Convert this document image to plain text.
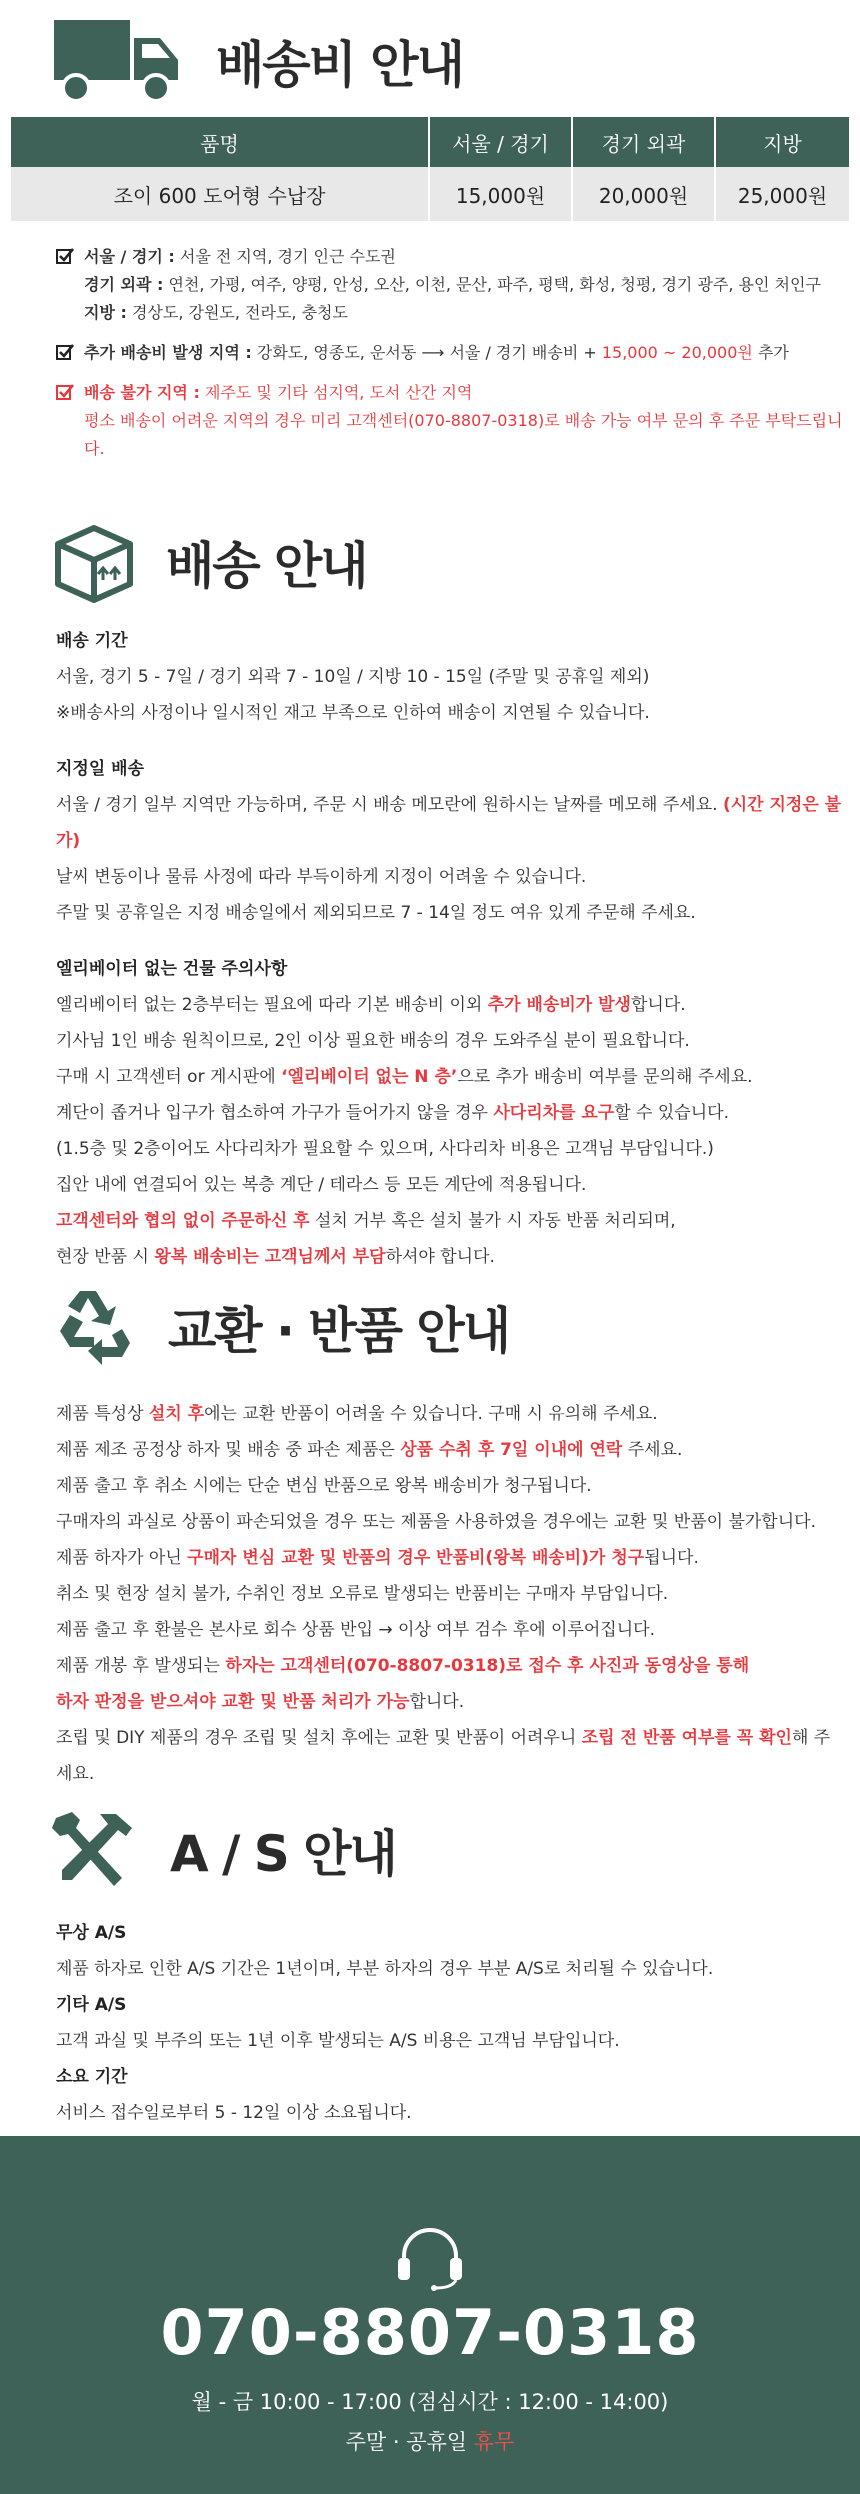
배송비 안내
품명	서울 / 경기	경기 외곽	지방
조이 600 도어형 수납장	15,000원	20,000원	25,000원
서울 / 경기 : 서울 전 지역, 경기 인근 수도권
경기 외곽 : 연천, 가평, 여주, 양평, 안성, 오산, 이천, 문산, 파주, 평택, 화성, 청평, 경기 광주, 용인 처인구
지방 : 경상도, 강원도, 전라도, 충청도
추가 배송비 발생 지역 : 강화도, 영종도, 운서동 ⟶ 서울 / 경기 배송비 + 15,000 ~ 20,000원 추가
배송 불가 지역 : 제주도 및 기타 섬지역, 도서 산간 지역
평소 배송이 어려운 지역의 경우 미리 고객센터(070-8807-0318)로 배송 가능 여부 문의 후 주문 부탁드립니다.
배송 안내
배송 기간
서울, 경기 5 - 7일 / 경기 외곽 7 - 10일 / 지방 10 - 15일 (주말 및 공휴일 제외)
※배송사의 사정이나 일시적인 재고 부족으로 인하여 배송이 지연될 수 있습니다.
지정일 배송
서울 / 경기 일부 지역만 가능하며, 주문 시 배송 메모란에 원하시는 날짜를 메모해 주세요. (시간 지정은 불가)
날씨 변동이나 물류 사정에 따라 부득이하게 지정이 어려울 수 있습니다.
주말 및 공휴일은 지정 배송일에서 제외되므로 7 - 14일 정도 여유 있게 주문해 주세요.
엘리베이터 없는 건물 주의사항
엘리베이터 없는 2층부터는 필요에 따라 기본 배송비 이외 추가 배송비가 발생합니다.
기사님 1인 배송 원칙이므로, 2인 이상 필요한 배송의 경우 도와주실 분이 필요합니다.
구매 시 고객센터 or 게시판에 ‘엘리베이터 없는 N 층’으로 추가 배송비 여부를 문의해 주세요.
계단이 좁거나 입구가 협소하여 가구가 들어가지 않을 경우 사다리차를 요구할 수 있습니다.
(1.5층 및 2층이어도 사다리차가 필요할 수 있으며, 사다리차 비용은 고객님 부담입니다.)
집안 내에 연결되어 있는 복층 계단 / 테라스 등 모든 계단에 적용됩니다.
고객센터와 협의 없이 주문하신 후 설치 거부 혹은 설치 불가 시 자동 반품 처리되며,
현장 반품 시 왕복 배송비는 고객님께서 부담하셔야 합니다.
교환 · 반품 안내
제품 특성상 설치 후에는 교환 반품이 어려울 수 있습니다. 구매 시 유의해 주세요.
제품 제조 공정상 하자 및 배송 중 파손 제품은 상품 수취 후 7일 이내에 연락 주세요.
제품 출고 후 취소 시에는 단순 변심 반품으로 왕복 배송비가 청구됩니다.
구매자의 과실로 상품이 파손되었을 경우 또는 제품을 사용하였을 경우에는 교환 및 반품이 불가합니다.
제품 하자가 아닌 구매자 변심 교환 및 반품의 경우 반품비(왕복 배송비)가 청구됩니다.
취소 및 현장 설치 불가, 수취인 정보 오류로 발생되는 반품비는 구매자 부담입니다.
제품 출고 후 환불은 본사로 회수 상품 반입 → 이상 여부 검수 후에 이루어집니다.
제품 개봉 후 발생되는 하자는 고객센터(070-8807-0318)로 접수 후 사진과 동영상을 통해
하자 판정을 받으셔야 교환 및 반품 처리가 가능합니다.
조립 및 DIY 제품의 경우 조립 및 설치 후에는 교환 및 반품이 어려우니 조립 전 반품 여부를 꼭 확인해 주세요.
A / S 안내
무상 A/S
제품 하자로 인한 A/S 기간은 1년이며, 부분 하자의 경우 부분 A/S로 처리될 수 있습니다.
기타 A/S
고객 과실 및 부주의 또는 1년 이후 발생되는 A/S 비용은 고객님 부담입니다.
소요 기간
서비스 접수일로부터 5 - 12일 이상 소요됩니다.
070-8807-0318
월 - 금 10:00 - 17:00 (점심시간 : 12:00 - 14:00)
주말 · 공휴일 휴무
